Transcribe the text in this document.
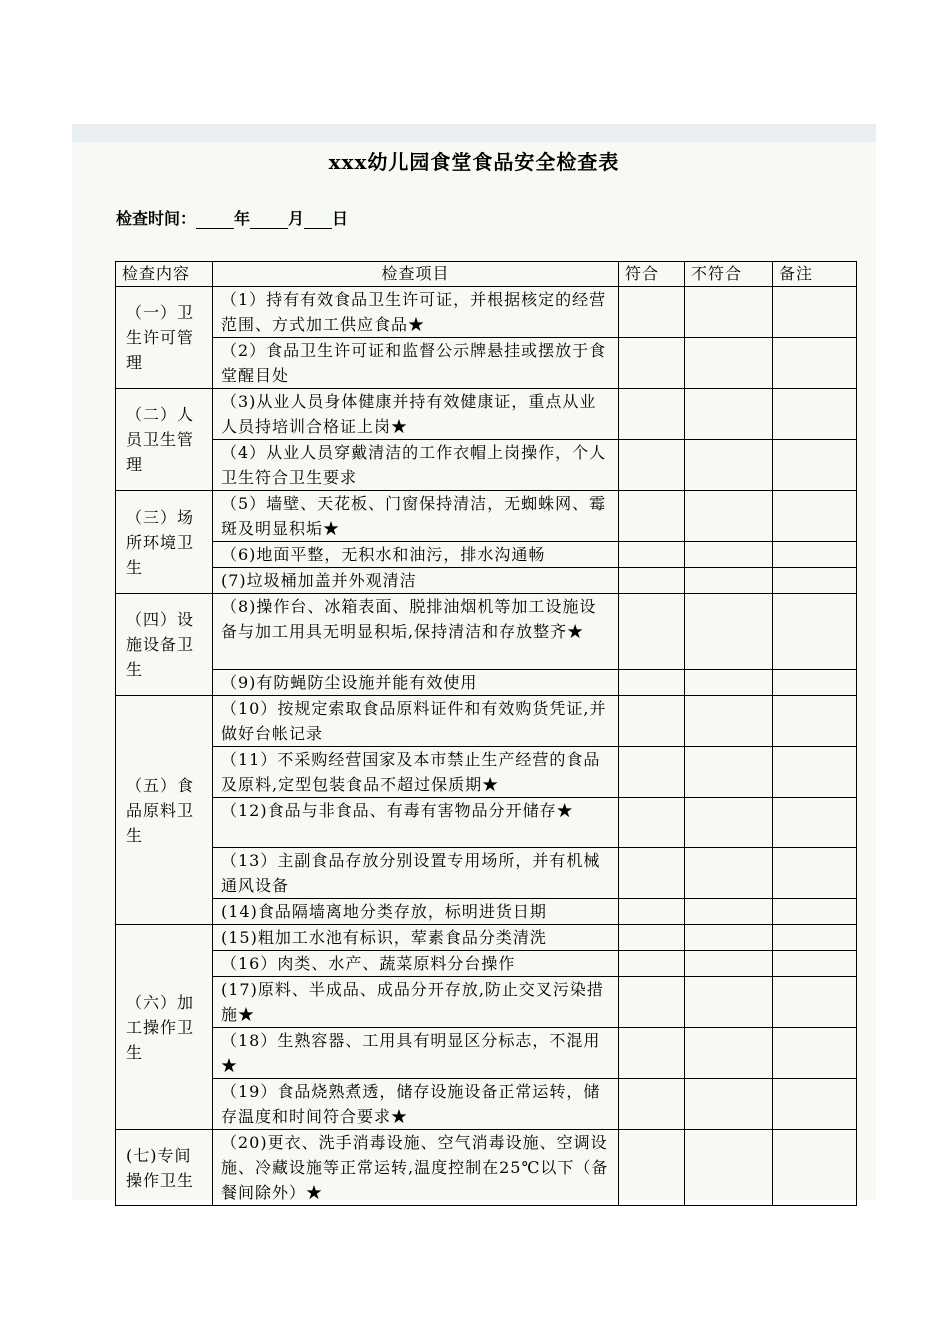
xxx幼儿园食堂食品安全检查表
检查时间： 年 月 日
检查内容	检查项目	符合	不符合	备注
（一）卫生许可管理	（1）持有有效食品卫生许可证，并根据核定的经营范围、方式加工供应食品★			
	（2）食品卫生许可证和监督公示牌悬挂或摆放于食堂醒目处			
（二）人员卫生管理	（3)从业人员身体健康并持有效健康证，重点从业人员持培训合格证上岗★			
	（4）从业人员穿戴清洁的工作衣帽上岗操作，个人卫生符合卫生要求			
（三）场所环境卫生	（5）墙壁、天花板、门窗保持清洁，无蜘蛛网、霉斑及明显积垢★			
	（6)地面平整，无积水和油污，排水沟通畅			
	(7)垃圾桶加盖并外观清洁			
（四）设施设备卫生	（8)操作台、冰箱表面、脱排油烟机等加工设施设备与加工用具无明显积垢,保持清洁和存放整齐★			
	（9)有防蝇防尘设施并能有效使用			
（五）食品原料卫生	（10）按规定索取食品原料证件和有效购货凭证,并做好台帐记录			
	（11）不采购经营国家及本市禁止生产经营的食品及原料,定型包装食品不超过保质期★			
	（12)食品与非食品、有毒有害物品分开储存★			
	（13）主副食品存放分别设置专用场所，并有机械通风设备			
	(14)食品隔墙离地分类存放，标明进货日期			
（六）加工操作卫生	(15)粗加工水池有标识，荤素食品分类清洗			
	（16）肉类、水产、蔬菜原料分台操作			
	(17)原料、半成品、成品分开存放,防止交叉污染措施★			
	（18）生熟容器、工用具有明显区分标志，不混用★			
	（19）食品烧熟煮透，储存设施设备正常运转，储存温度和时间符合要求★			
(七)专间操作卫生	（20)更衣、洗手消毒设施、空气消毒设施、空调设施、冷藏设施等正常运转,温度控制在25℃以下（备餐间除外）★			
